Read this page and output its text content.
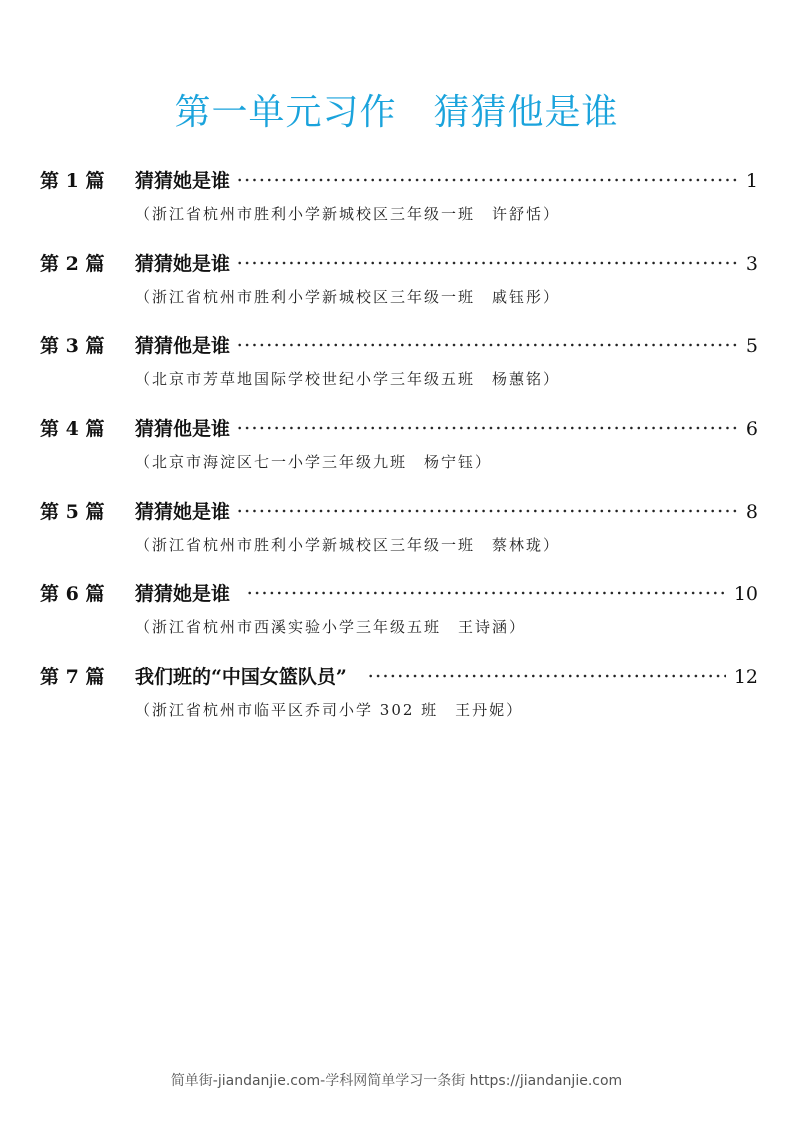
第一单元习作　猜猜他是谁
第 1 篇	猜猜她是谁	1
（浙江省杭州市胜利小学新城校区三年级一班　许舒恬）
第 2 篇	猜猜她是谁	3
（浙江省杭州市胜利小学新城校区三年级一班　戚钰彤）
第 3 篇	猜猜他是谁	5
（北京市芳草地国际学校世纪小学三年级五班　杨蕙铭）
第 4 篇	猜猜他是谁	6
（北京市海淀区七一小学三年级九班　杨宁钰）
第 5 篇	猜猜她是谁	8
（浙江省杭州市胜利小学新城校区三年级一班　蔡林珑）
第 6 篇	猜猜她是谁	10
（浙江省杭州市西溪实验小学三年级五班　王诗涵）
第 7 篇	我们班的“中国女篮队员”	12
（浙江省杭州市临平区乔司小学 302 班　王丹妮）
简单街-jiandanjie.com-学科网简单学习一条街 https://jiandanjie.com
